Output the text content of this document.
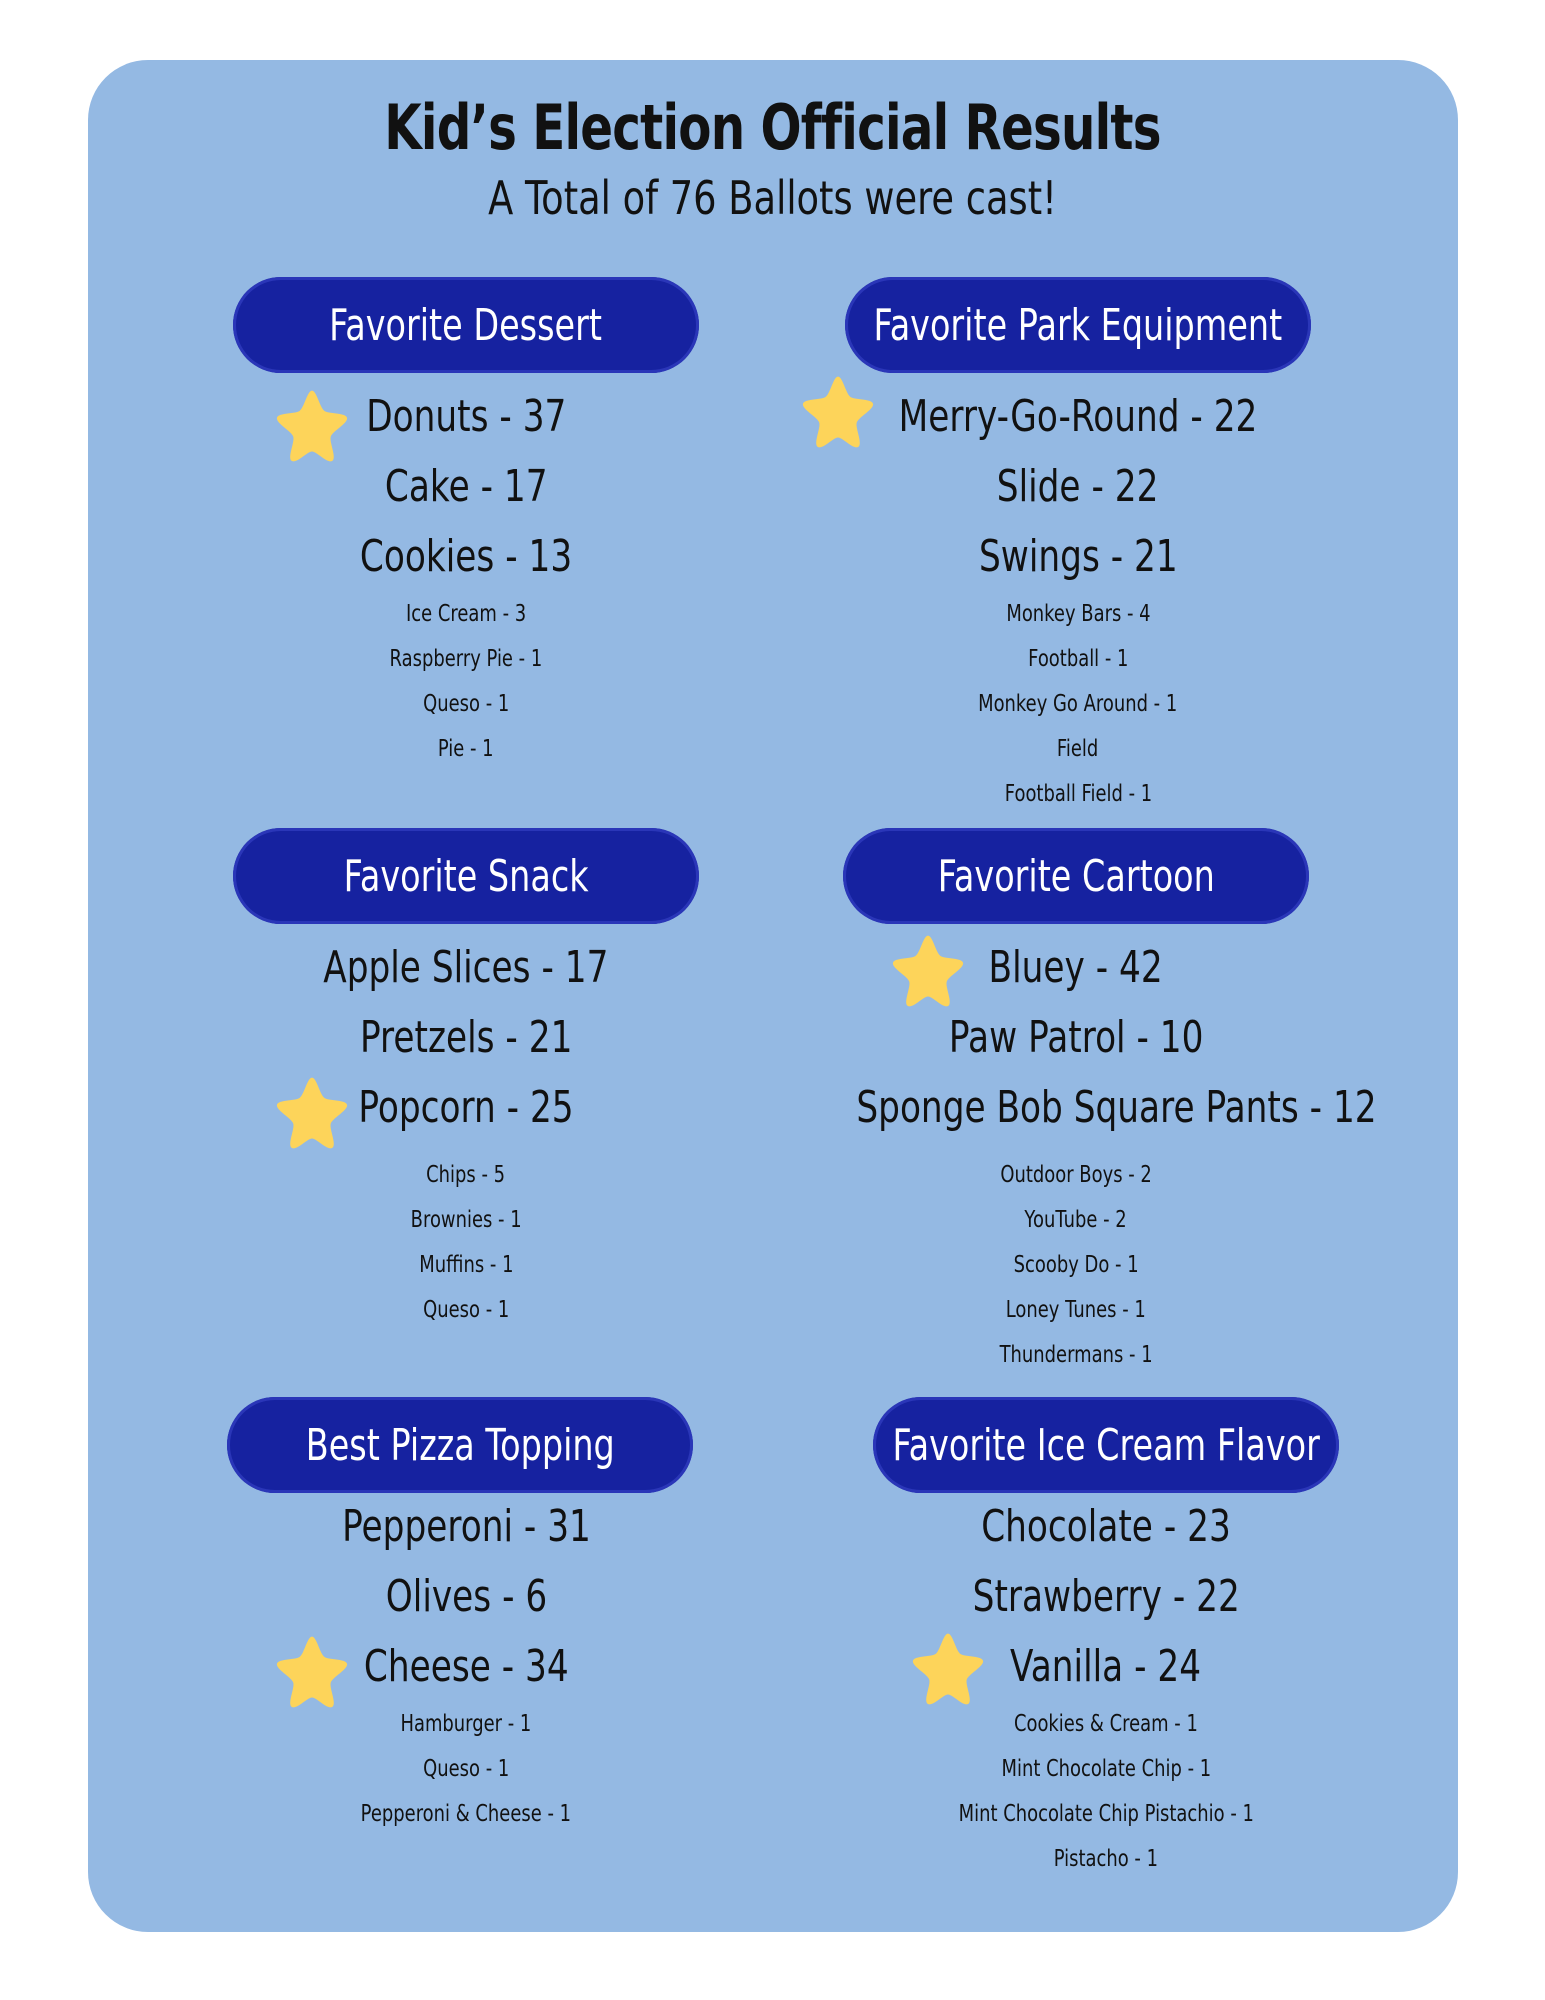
Kid’s Election Official Results
A Total of 76 Ballots were cast!
Favorite Dessert
Donuts - 37
Cake - 17
Cookies - 13
Ice Cream - 3
Raspberry Pie - 1
Queso - 1
Pie - 1
Favorite Park Equipment
Merry-Go-Round - 22
Slide - 22
Swings - 21
Monkey Bars - 4
Football - 1
Monkey Go Around - 1
Field
Football Field - 1
Favorite Snack
Apple Slices - 17
Pretzels - 21
Popcorn - 25
Chips - 5
Brownies - 1
Muffins - 1
Queso - 1
Favorite Cartoon
Bluey - 42
Paw Patrol - 10
Sponge Bob Square Pants - 12
Outdoor Boys - 2
YouTube - 2
Scooby Do - 1
Loney Tunes - 1
Thundermans - 1
Best Pizza Topping
Pepperoni - 31
Olives - 6
Cheese - 34
Hamburger - 1
Queso - 1
Pepperoni & Cheese - 1
Favorite Ice Cream Flavor
Chocolate - 23
Strawberry - 22
Vanilla - 24
Cookies & Cream - 1
Mint Chocolate Chip - 1
Mint Chocolate Chip Pistachio - 1
Pistacho - 1
